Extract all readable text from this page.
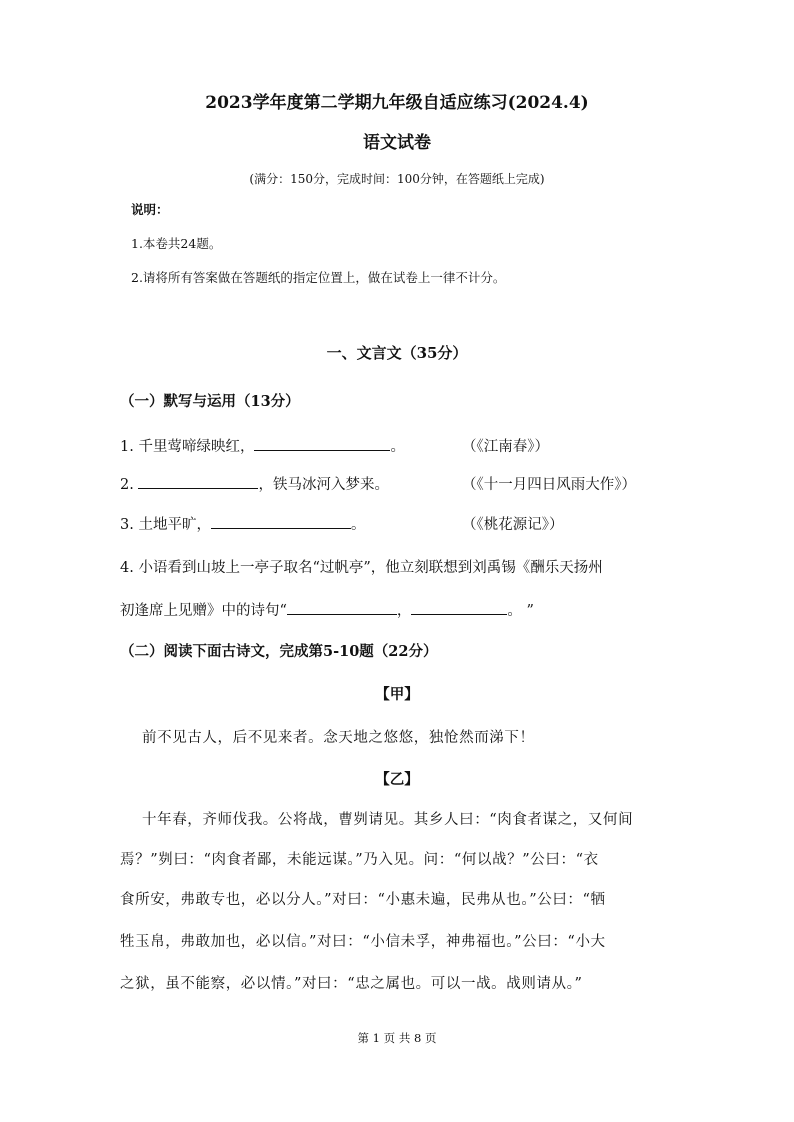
2023学年度第二学期九年级自适应练习(2024.4)
语文试卷
(满分：150分，完成时间：100分钟，在答题纸上完成)
说明：
1.本卷共24题。
2.请将所有答案做在答题纸的指定位置上，做在试卷上一律不计分。
一、文言文（35分）
（一）默写与运用（13分）
1. 千里莺啼绿映红，	。	（《江南春》）
2.	，铁马冰河入梦来。	（《十一月四日风雨大作》）
3. 土地平旷，	。	（《桃花源记》）
4. 小语看到山坡上一亭子取名“过帆亭”，他立刻联想到刘禹锡《酬乐天扬州
初逢席上见赠》中的诗句“	，	。 ”
（二）阅读下面古诗文，完成第5-10题（22分）
【甲】
前不见古人，后不见来者。念天地之悠悠，独怆然而涕下！
【乙】
十年春，齐师伐我。公将战，曹刿请见。其乡人曰：“肉食者谋之，又何间
焉？”刿曰：“肉食者鄙，未能远谋。”乃入见。问：“何以战？”公曰：“衣
食所安，弗敢专也，必以分人。”对曰：“小惠未遍，民弗从也。”公曰：“牺
牲玉帛，弗敢加也，必以信。”对曰：“小信未孚，神弗福也。”公曰：“小大
之狱，虽不能察，必以情。”对曰：“忠之属也。可以一战。战则请从。”
第 1 页 共 8 页
